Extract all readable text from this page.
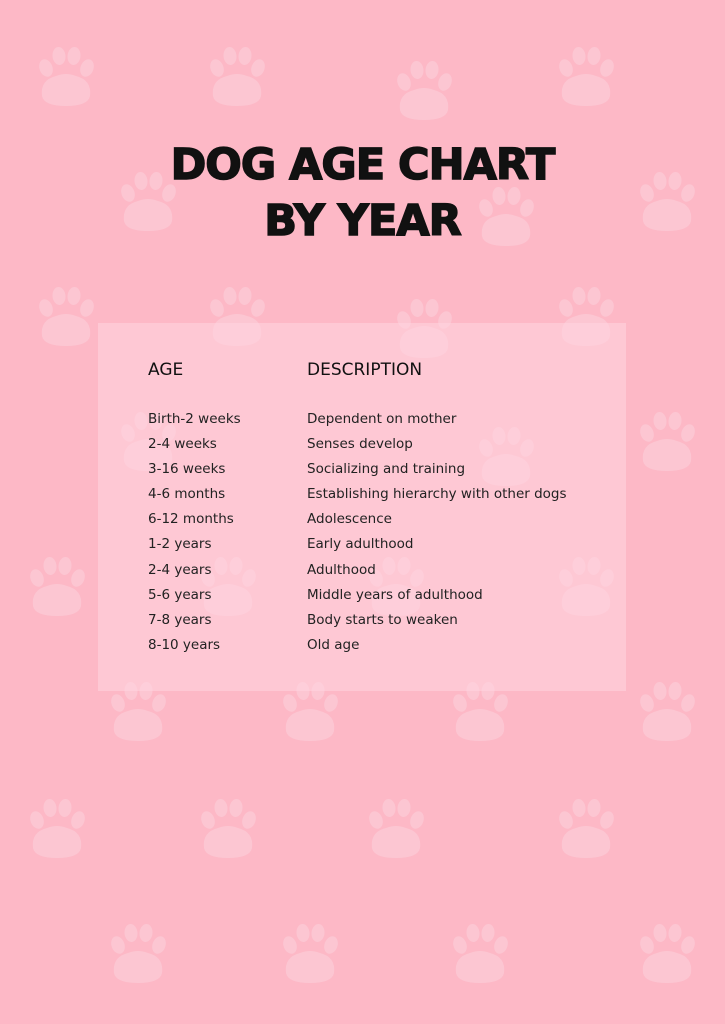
DOG AGE CHART
BY YEAR
AGE	DESCRIPTION
Birth-2 weeks	Dependent on mother
2-4 weeks	Senses develop
3-16 weeks	Socializing and training
4-6 months	Establishing hierarchy with other dogs
6-12 months	Adolescence
1-2 years	Early adulthood
2-4 years	Adulthood
5-6 years	Middle years of adulthood
7-8 years	Body starts to weaken
8-10 years	Old age
